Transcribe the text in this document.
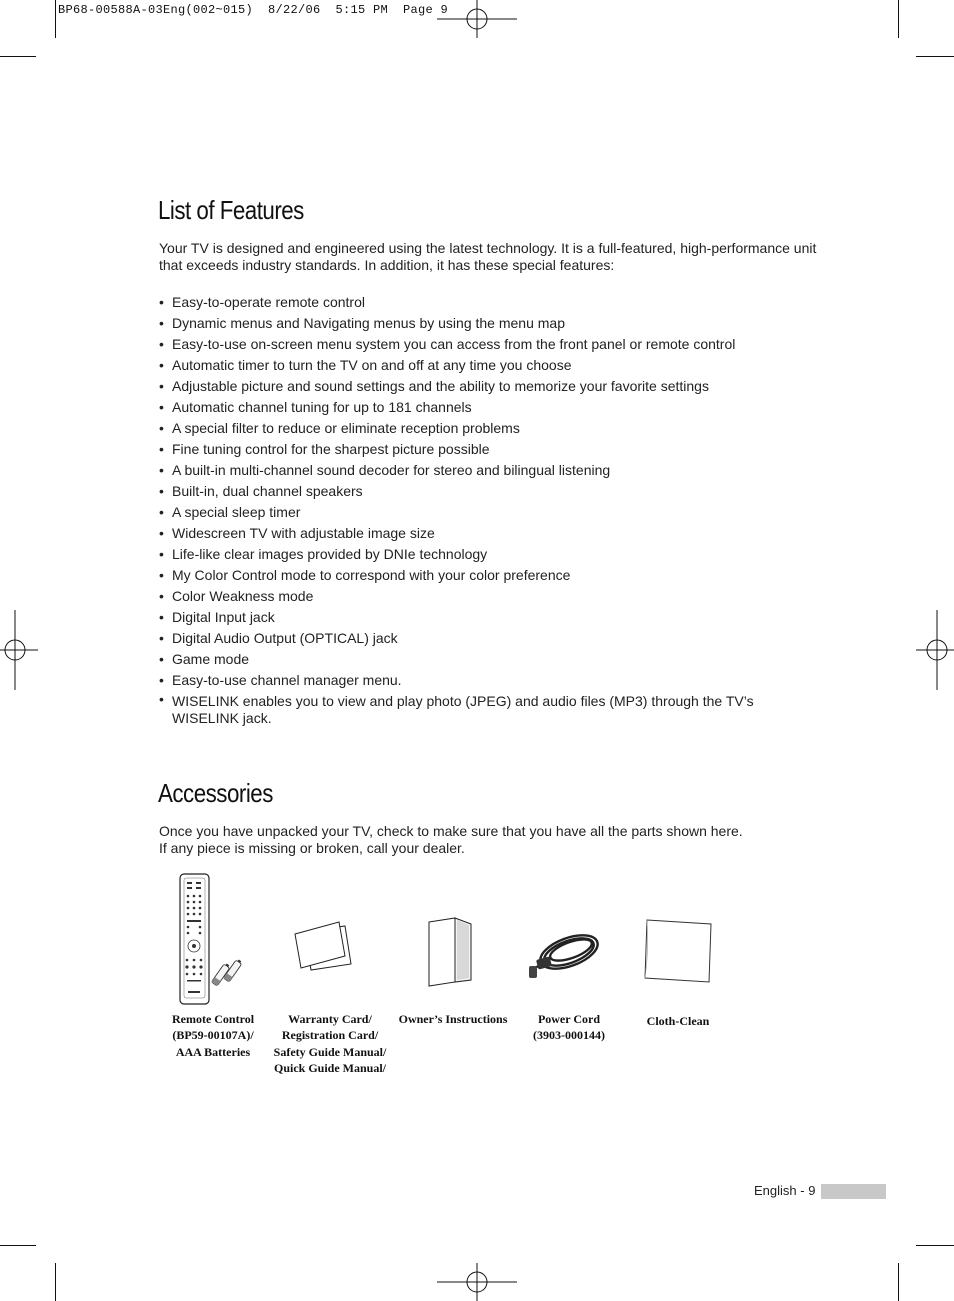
BP68-00588A-03Eng(002~015)  8/22/06  5:15 PM  Page 9
List of Features

Your TV is designed and engineered using the latest technology. It is a full-featured, high-performance unit that exceeds industry standards. In addition, it has these special features:

• Easy-to-operate remote control
• Dynamic menus and Navigating menus by using the menu map
• Easy-to-use on-screen menu system you can access from the front panel or remote control
• Automatic timer to turn the TV on and off at any time you choose
• Adjustable picture and sound settings and the ability to memorize your favorite settings
• Automatic channel tuning for up to 181 channels
• A special filter to reduce or eliminate reception problems
• Fine tuning control for the sharpest picture possible
• A built-in multi-channel sound decoder for stereo and bilingual listening
• Built-in, dual channel speakers
• A special sleep timer
• Widescreen TV with adjustable image size
• Life-like clear images provided by DNIe technology
• My Color Control mode to correspond with your color preference
• Color Weakness mode
• Digital Input jack
• Digital Audio Output (OPTICAL) jack
• Game mode
• Easy-to-use channel manager menu.
• WISELINK enables you to view and play photo (JPEG) and audio files (MP3) through the TV’s WISELINK jack.
Accessories

Once you have unpacked your TV, check to make sure that you have all the parts shown here.
If any piece is missing or broken, call your dealer.

Remote Control
(BP59-00107A)/
AAA Batteries
Warranty Card/
Registration Card/
Safety Guide Manual/
Quick Guide Manual/
Owner’s Instructions	Power Cord
(3903-000144)
Cloth-Clean
English - 9
